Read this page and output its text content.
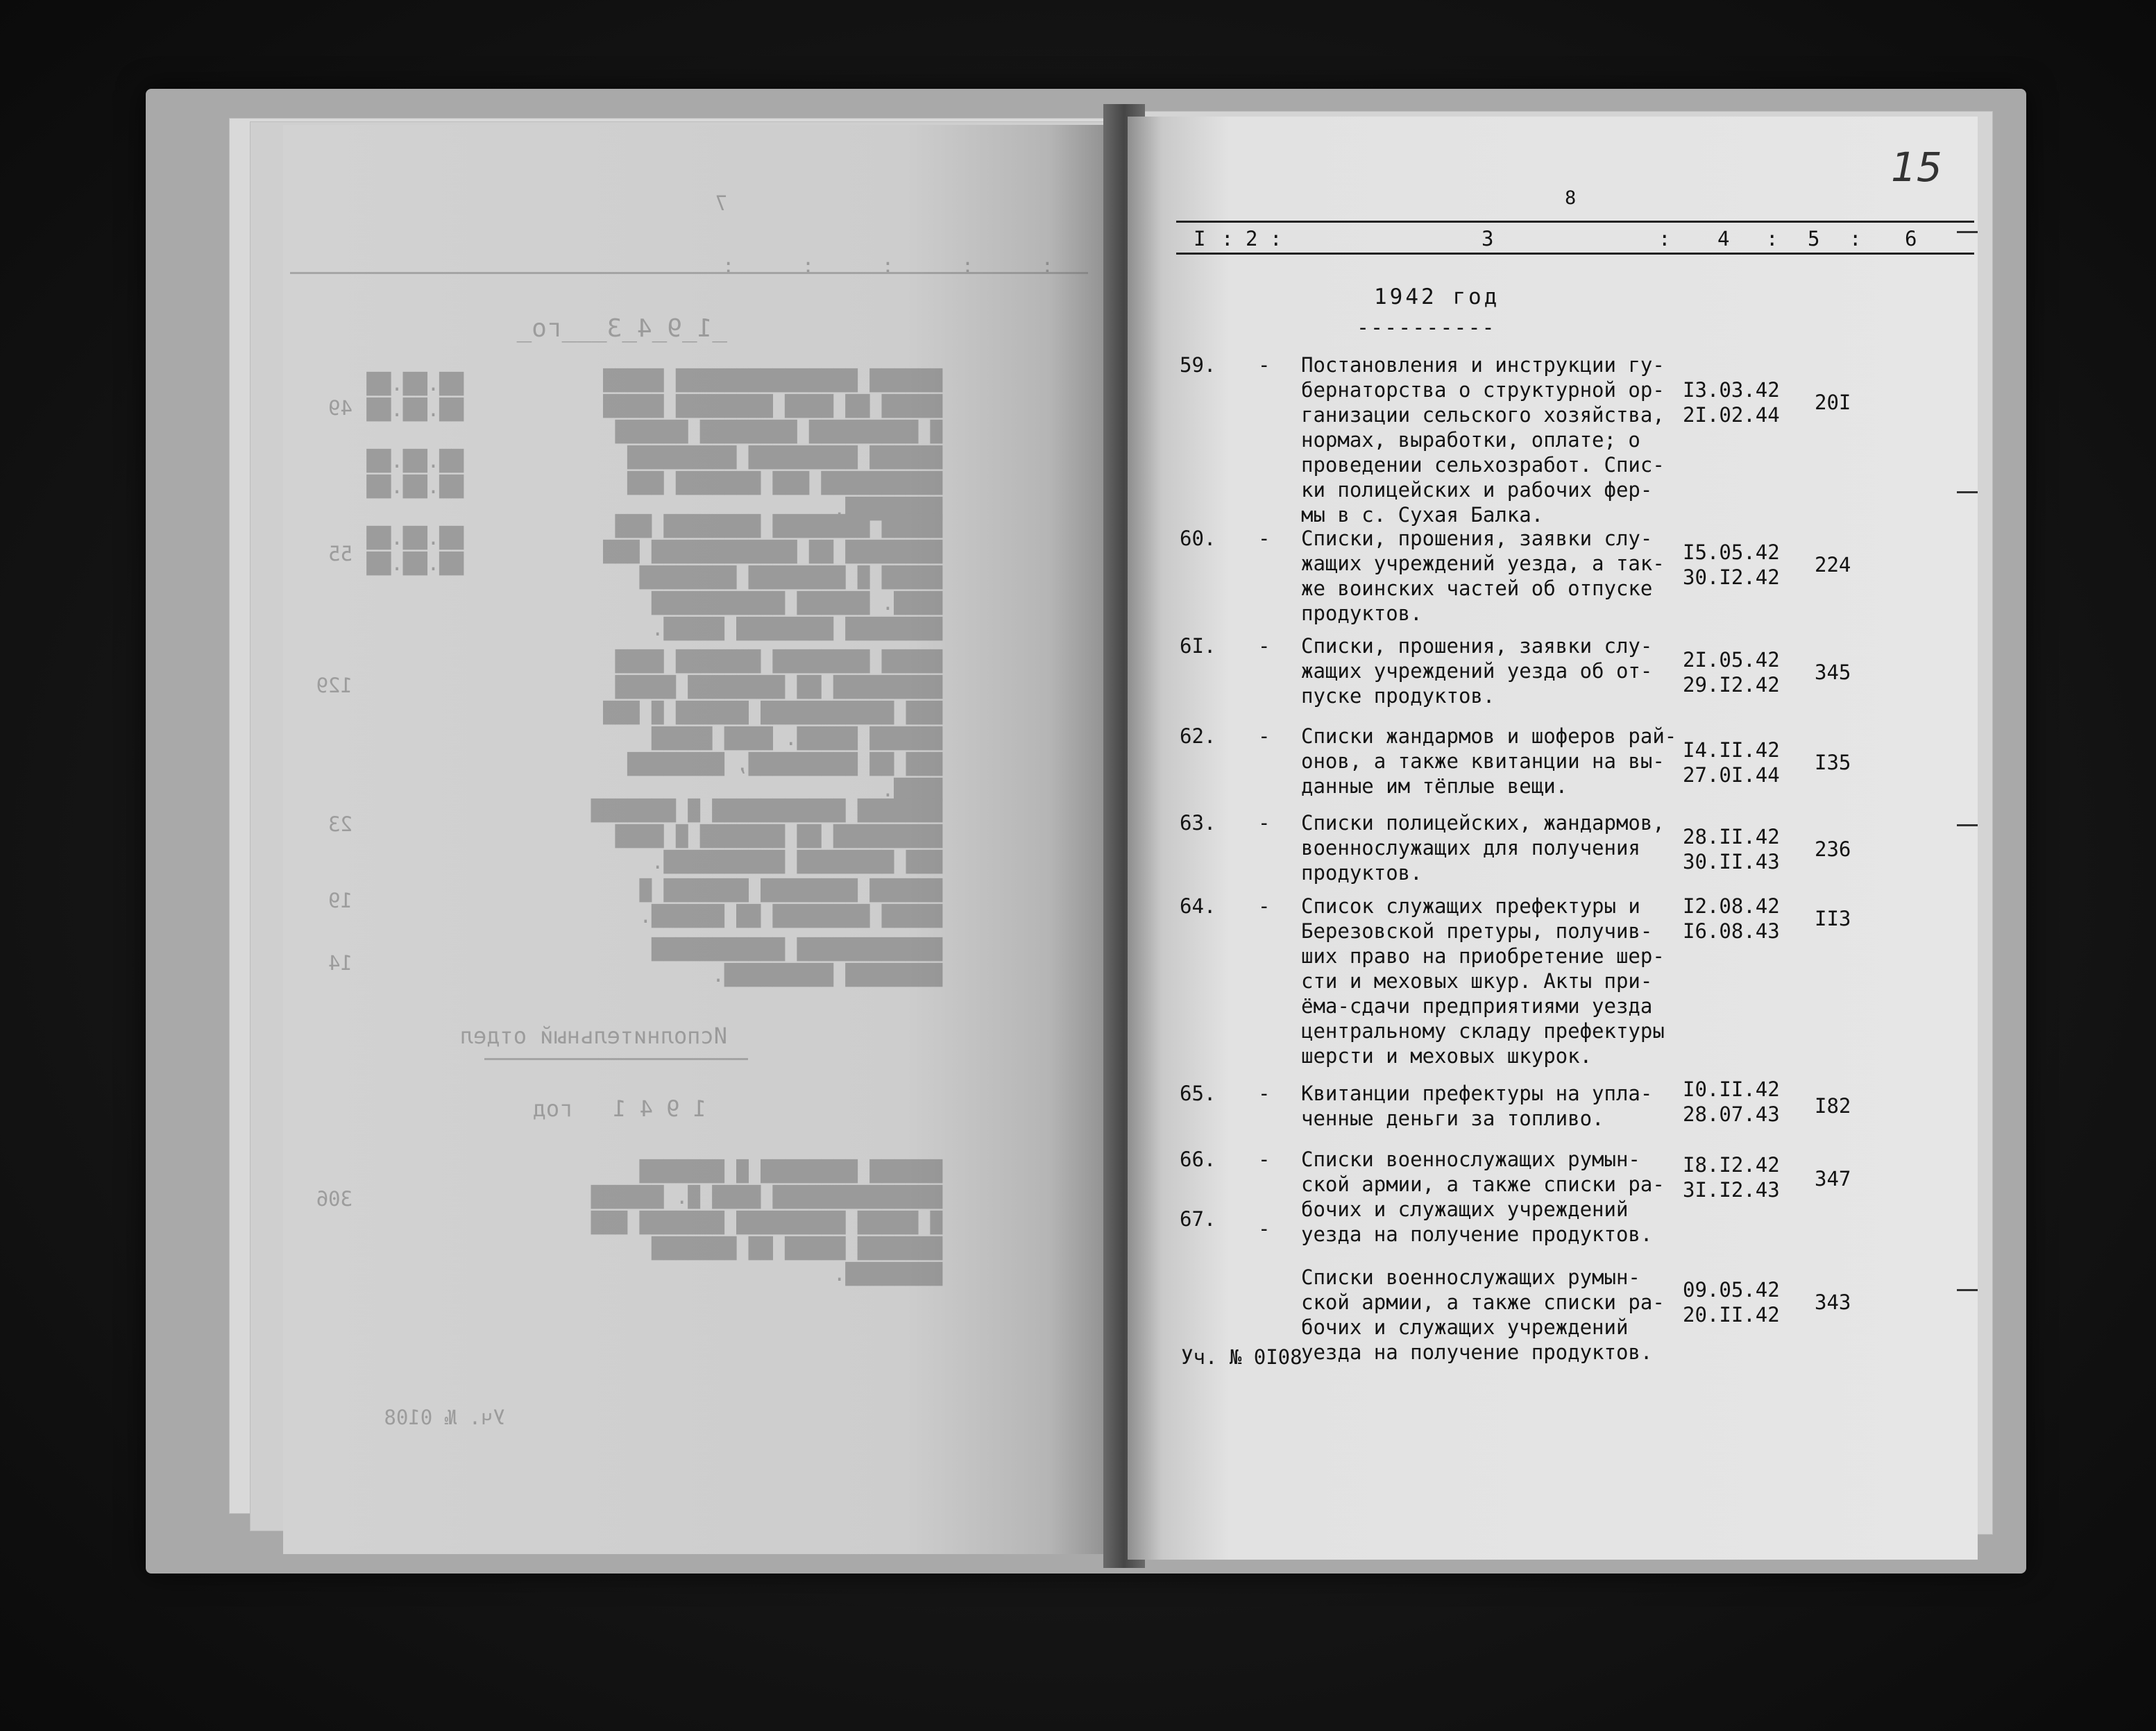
7
: : : : :
_1_9_4_3___го_
██████ ███████████████ █████
█████ ██ ████ ████████ █████
█ █████████ ████████ ██████
██████ █████████ █████████
██████████ ███ ███████ ███
████████.
█████ ████████ ████████ ███
████████ ██ ████████████ ███
█████ █ ████████ ████████
████. ██████ ███████████
████████ ████████ █████.
█████ ████████ ███████ ████
█████████ ██ ████████ █████
███ ███████████ ██████ █ ███
██████ █████. ████ █████
███ ██ █████████, ████████
████.
███████ ███████████ █ ███████
█████████ ██ ███████ █ ████
███ ████████ ██████████.
██████ ████████ ███████ █
█████ ████████ ██ ██████.
████████████ ███████████
████████ █████████.
██.██.██
██.██.██

██.██.██
██.██.██

██.██.██
██.██.██
49
55
129
23
19
14
Исполнительный отдел
1 9 4 1   год
██████ ████████ █ ███████
██████████████ ████ █. ██████
█ █████ █████████ ███████ ███
███████ █████ ██ ███████
████████.
306
Уч. № 0108
8
15
I : 2 :	3	: 4 : 5 : 6
1942 год
----------
59. - Постановления и инструкции гу-
бернаторства о структурной ор-
ганизации сельского хозяйства,
нормах, выработки, оплате; о
проведении сельхозработ. Спис-
ки полицейских и рабочих фер-
мы в с. Сухая Балка.
I3.03.42
2I.02.44
20I
60. - Списки, прошения, заявки слу-
жащих учреждений уезда, а так-
же воинских частей об отпуске
продуктов.
I5.05.42
30.I2.42
224
6I. - Списки, прошения, заявки слу-
жащих учреждений уезда об от-
пуске продуктов.
2I.05.42
29.I2.42
345
62. - Списки жандармов и шоферов рай-
онов, а также квитанции на вы-
данные им тёплые вещи.
I4.II.42
27.0I.44
I35
63. - Списки полицейских, жандармов,
военнослужащих для получения
продуктов.
28.II.42
30.II.43
236
64. - Список служащих префектуры и
Березовской претуры, получив-
ших право на приобретение шер-
сти и меховых шкур. Акты при-
ёма-сдачи предприятиями уезда
центральному складу префектуры
шерсти и меховых шкурок.
I2.08.42
I6.08.43
II3
65. - Квитанции префектуры на упла-
ченные деньги за топливо.
I0.II.42
28.07.43 I82
66. - Списки военнослужащих румын-
ской армии, а также списки ра-
бочих и служащих учреждений
уезда на получение продуктов.
I8.I2.42
3I.I2.43 347
67. -
Списки военнослужащих румын-
ской армии, а также списки ра-
бочих и служащих учреждений
уезда на получение продуктов.
09.05.42
20.II.42
343
Уч. № 0I08
